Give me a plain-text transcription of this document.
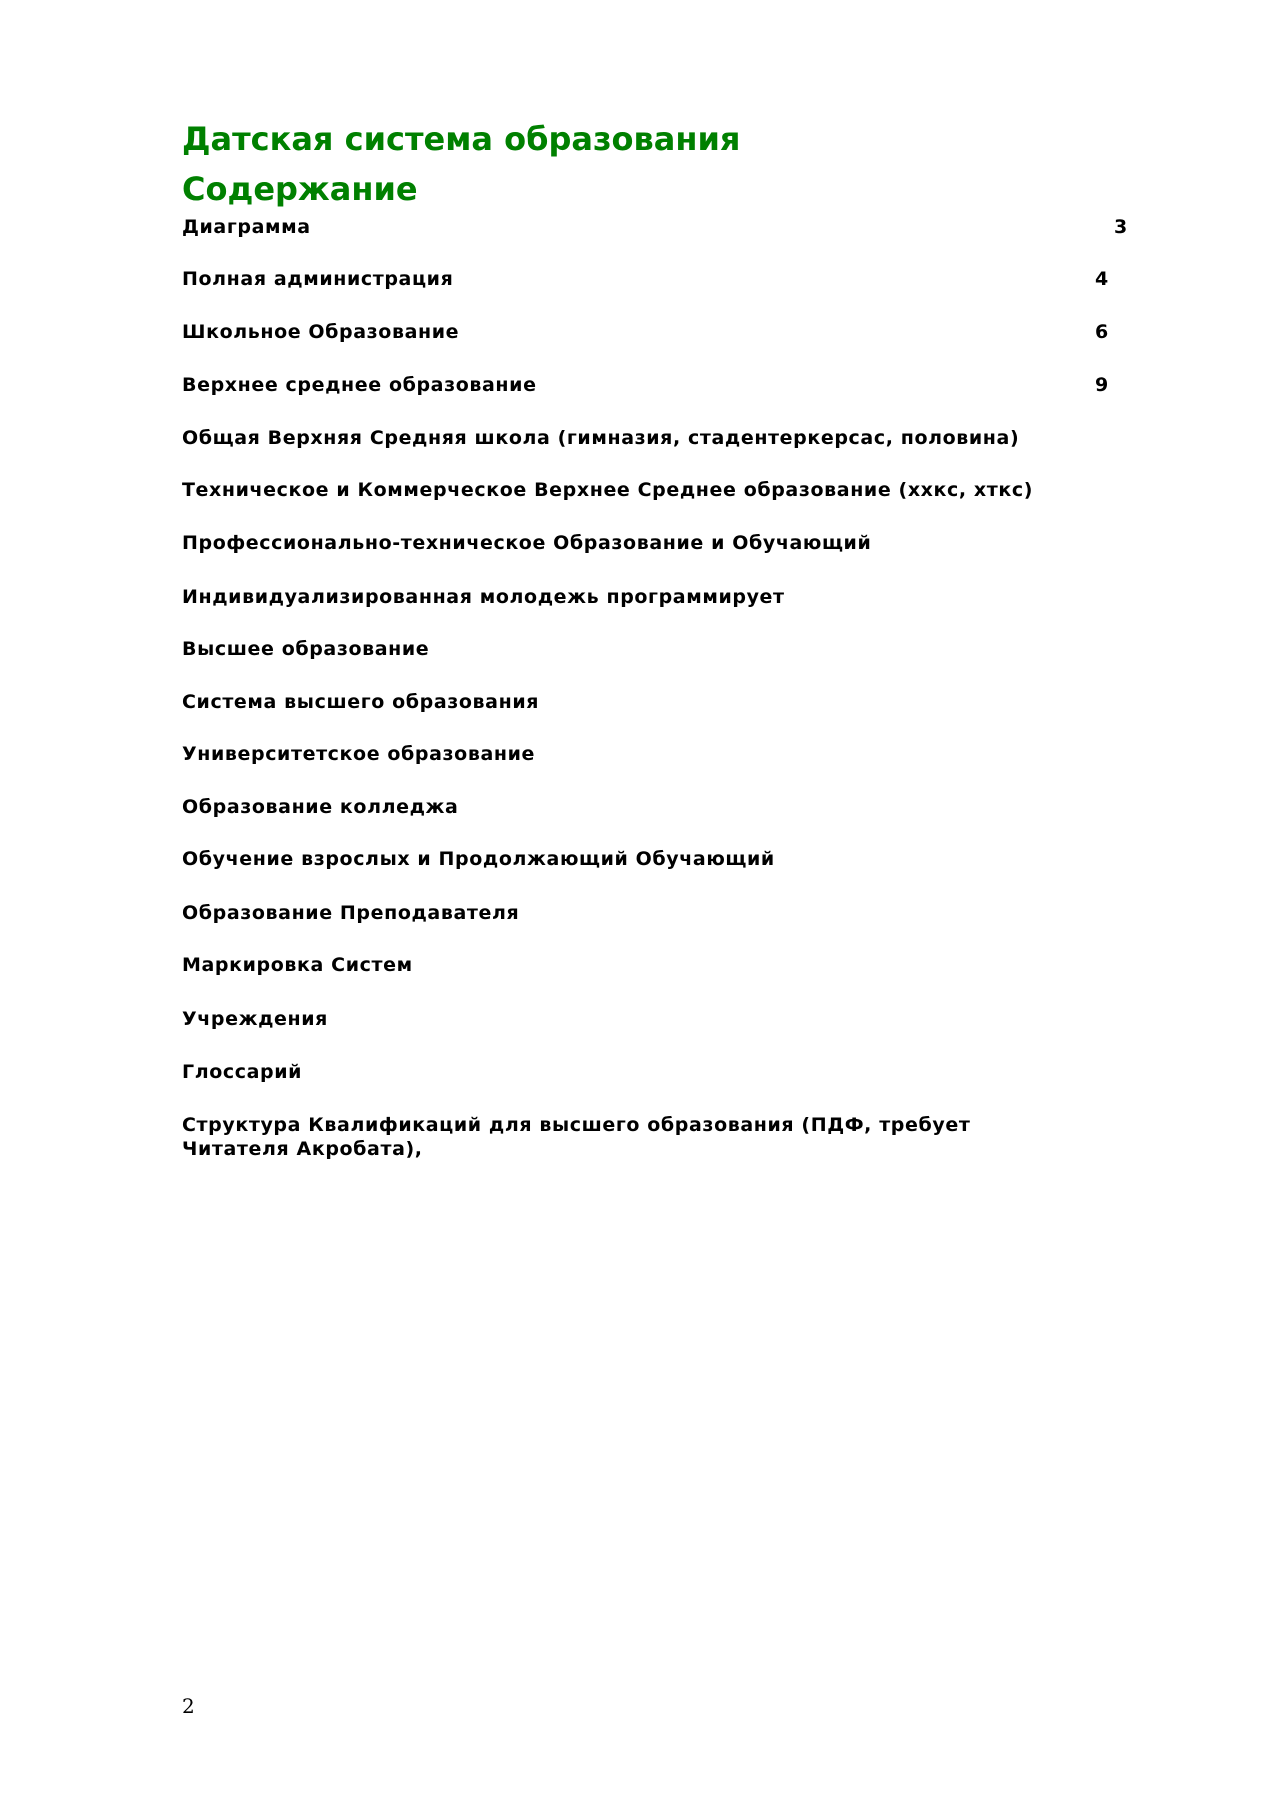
Датская система образования
Содержание
Диаграмма	3
Полная администрация	4
Школьное Образование	6
Верхнее среднее образование	9
Общая Верхняя Средняя школа (гимназия, стадентеркерсас, половина)
Техническое и Коммерческое Верхнее Среднее образование (ххкс, хткс)
Профессионально-техническое Образование и Обучающий
Индивидуализированная молодежь программирует
Высшее образование
Система высшего образования
Университетское образование
Образование колледжа
Обучение взрослых и Продолжающий Обучающий
Образование Преподавателя
Маркировка Систем
Учреждения
Глоссарий
Структура Квалификаций для высшего образования (ПДФ, требует Читателя Акробата),
2
